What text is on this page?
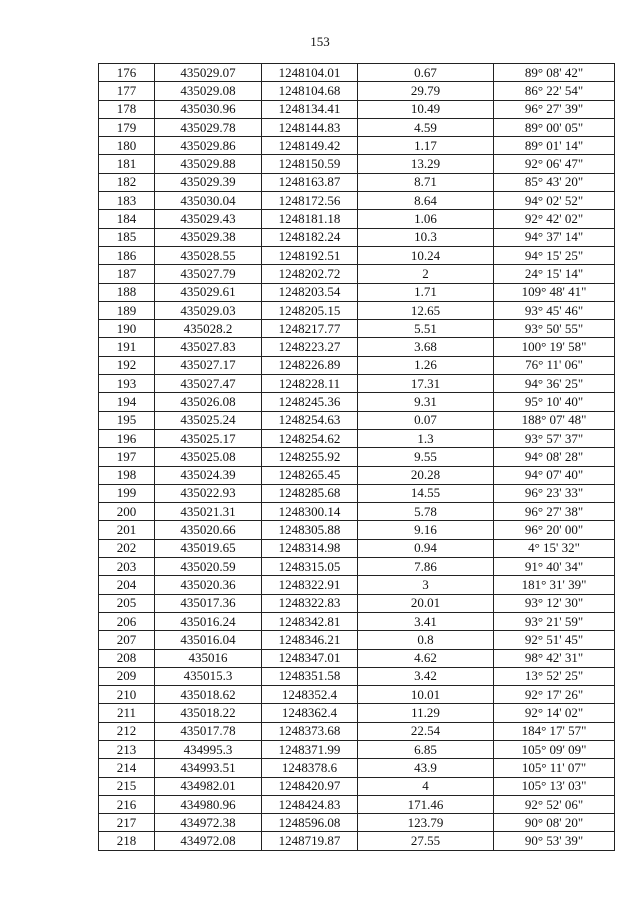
153
176	435029.07	1248104.01	0.67	89° 08' 42"
177	435029.08	1248104.68	29.79	86° 22' 54"
178	435030.96	1248134.41	10.49	96° 27' 39"
179	435029.78	1248144.83	4.59	89° 00' 05"
180	435029.86	1248149.42	1.17	89° 01' 14"
181	435029.88	1248150.59	13.29	92° 06' 47"
182	435029.39	1248163.87	8.71	85° 43' 20"
183	435030.04	1248172.56	8.64	94° 02' 52"
184	435029.43	1248181.18	1.06	92° 42' 02"
185	435029.38	1248182.24	10.3	94° 37' 14"
186	435028.55	1248192.51	10.24	94° 15' 25"
187	435027.79	1248202.72	2	24° 15' 14"
188	435029.61	1248203.54	1.71	109° 48' 41"
189	435029.03	1248205.15	12.65	93° 45' 46"
190	435028.2	1248217.77	5.51	93° 50' 55"
191	435027.83	1248223.27	3.68	100° 19' 58"
192	435027.17	1248226.89	1.26	76° 11' 06"
193	435027.47	1248228.11	17.31	94° 36' 25"
194	435026.08	1248245.36	9.31	95° 10' 40"
195	435025.24	1248254.63	0.07	188° 07' 48"
196	435025.17	1248254.62	1.3	93° 57' 37"
197	435025.08	1248255.92	9.55	94° 08' 28"
198	435024.39	1248265.45	20.28	94° 07' 40"
199	435022.93	1248285.68	14.55	96° 23' 33"
200	435021.31	1248300.14	5.78	96° 27' 38"
201	435020.66	1248305.88	9.16	96° 20' 00"
202	435019.65	1248314.98	0.94	4° 15' 32"
203	435020.59	1248315.05	7.86	91° 40' 34"
204	435020.36	1248322.91	3	181° 31' 39"
205	435017.36	1248322.83	20.01	93° 12' 30"
206	435016.24	1248342.81	3.41	93° 21' 59"
207	435016.04	1248346.21	0.8	92° 51' 45"
208	435016	1248347.01	4.62	98° 42' 31"
209	435015.3	1248351.58	3.42	13° 52' 25"
210	435018.62	1248352.4	10.01	92° 17' 26"
211	435018.22	1248362.4	11.29	92° 14' 02"
212	435017.78	1248373.68	22.54	184° 17' 57"
213	434995.3	1248371.99	6.85	105° 09' 09"
214	434993.51	1248378.6	43.9	105° 11' 07"
215	434982.01	1248420.97	4	105° 13' 03"
216	434980.96	1248424.83	171.46	92° 52' 06"
217	434972.38	1248596.08	123.79	90° 08' 20"
218	434972.08	1248719.87	27.55	90° 53' 39"
